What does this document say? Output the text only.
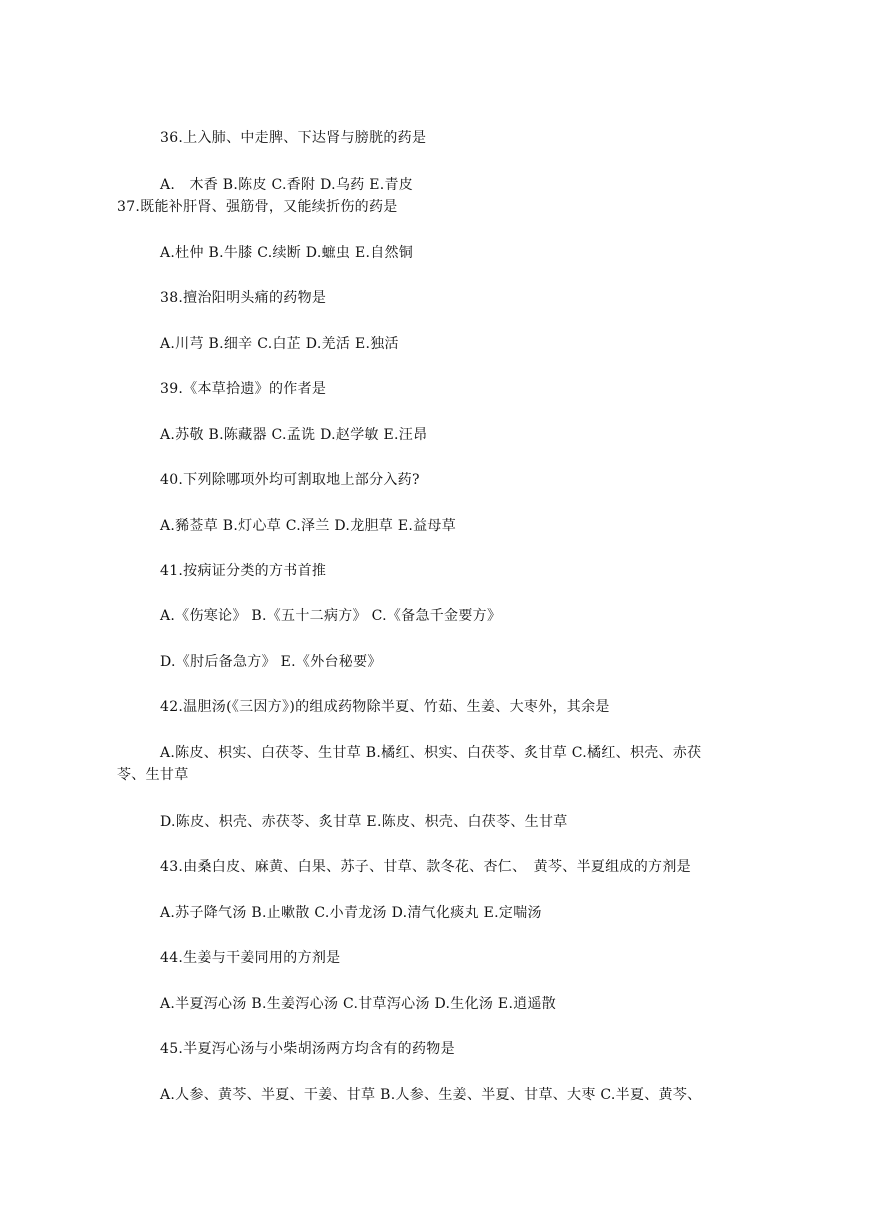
36.上入肺、中走脾、下达肾与膀胱的药是
A.　木香 B.陈皮 C.香附 D.乌药 E.青皮
37.既能补肝肾、强筋骨，又能续折伤的药是
A.杜仲 B.牛膝 C.续断 D.蟅虫 E.自然铜
38.擅治阳明头痛的药物是
A.川芎 B.细辛 C.白芷 D.羌活 E.独活
39.《本草拾遗》的作者是
A.苏敬 B.陈藏器 C.孟诜 D.赵学敏 E.汪昂
40.下列除哪项外均可割取地上部分入药?
A.豨莶草 B.灯心草 C.泽兰 D.龙胆草 E.益母草
41.按病证分类的方书首推
A.《伤寒论》 B.《五十二病方》 C.《备急千金要方》
D.《肘后备急方》 E.《外台秘要》
42.温胆汤(《三因方》)的组成药物除半夏、竹茹、生姜、大枣外，其余是
A.陈皮、枳实、白茯苓、生甘草 B.橘红、枳实、白茯苓、炙甘草 C.橘红、枳壳、赤茯
苓、生甘草
D.陈皮、枳壳、赤茯苓、炙甘草 E.陈皮、枳壳、白茯苓、生甘草
43.由桑白皮、麻黄、白果、苏子、甘草、款冬花、杏仁、　黄芩、半夏组成的方剂是
A.苏子降气汤 B.止嗽散 C.小青龙汤 D.清气化痰丸 E.定喘汤
44.生姜与干姜同用的方剂是
A.半夏泻心汤 B.生姜泻心汤 C.甘草泻心汤 D.生化汤 E.逍遥散
45.半夏泻心汤与小柴胡汤两方均含有的药物是
A.人参、黄芩、半夏、干姜、甘草 B.人参、生姜、半夏、甘草、大枣 C.半夏、黄芩、
